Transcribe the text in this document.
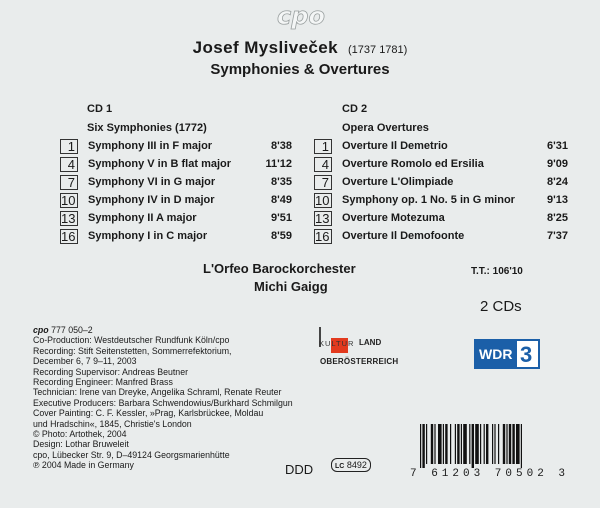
cpo
Josef Mysliveček (1737 1781)
Symphonies & Overtures
CD 1
Six Symphonies (1772)
1 Symphony III in F major	8'38
4 Symphony V in B flat major	11'12
7 Symphony VI in G major	8'35
10 Symphony IV in D major	8'49
13 Symphony II A major	9'51
16 Symphony I in C major	8'59
CD 2
Opera Overtures
1 Overture Il Demetrio	6'31
4 Overture Romolo ed Ersilia	9'09
7 Overture L'Olimpiade	8'24
10 Symphony op. 1 No. 5 in G minor	9'13
13 Overture Motezuma	8'25
16 Overture Il Demofoonte	7'37
L'Orfeo Barockorchester
Michi Gaigg
T.T.: 106'10
2 CDs
cpo 777 050–2
Co-Production: Westdeutscher Rundfunk Köln/cpo
Recording: Stift Seitenstetten, Sommerrefektorium,
December 6, 7 9–11, 2003
Recording Supervisor: Andreas Beutner
Recording Engineer: Manfred Brass
Technician: Irene van Dreyke, Angelika Schraml, Renate Reuter
Executive Producers: Barbara Schwendowius/Burkhard Schmilgun
Cover Painting: C. F. Kessler, »Prag, Karlsbrückee, Moldau
und Hradschin«, 1845, Christie's London
© Photo: Artothek, 2004
Design: Lothar Bruweleit
cpo, Lübecker Str. 9, D–49124 Georgsmarienhütte
℗ 2004 Made in Germany
KULTUR LAND
OBERÖSTERREICH	WDR 3
DDD	LC 8492
7 61203 70502 3
